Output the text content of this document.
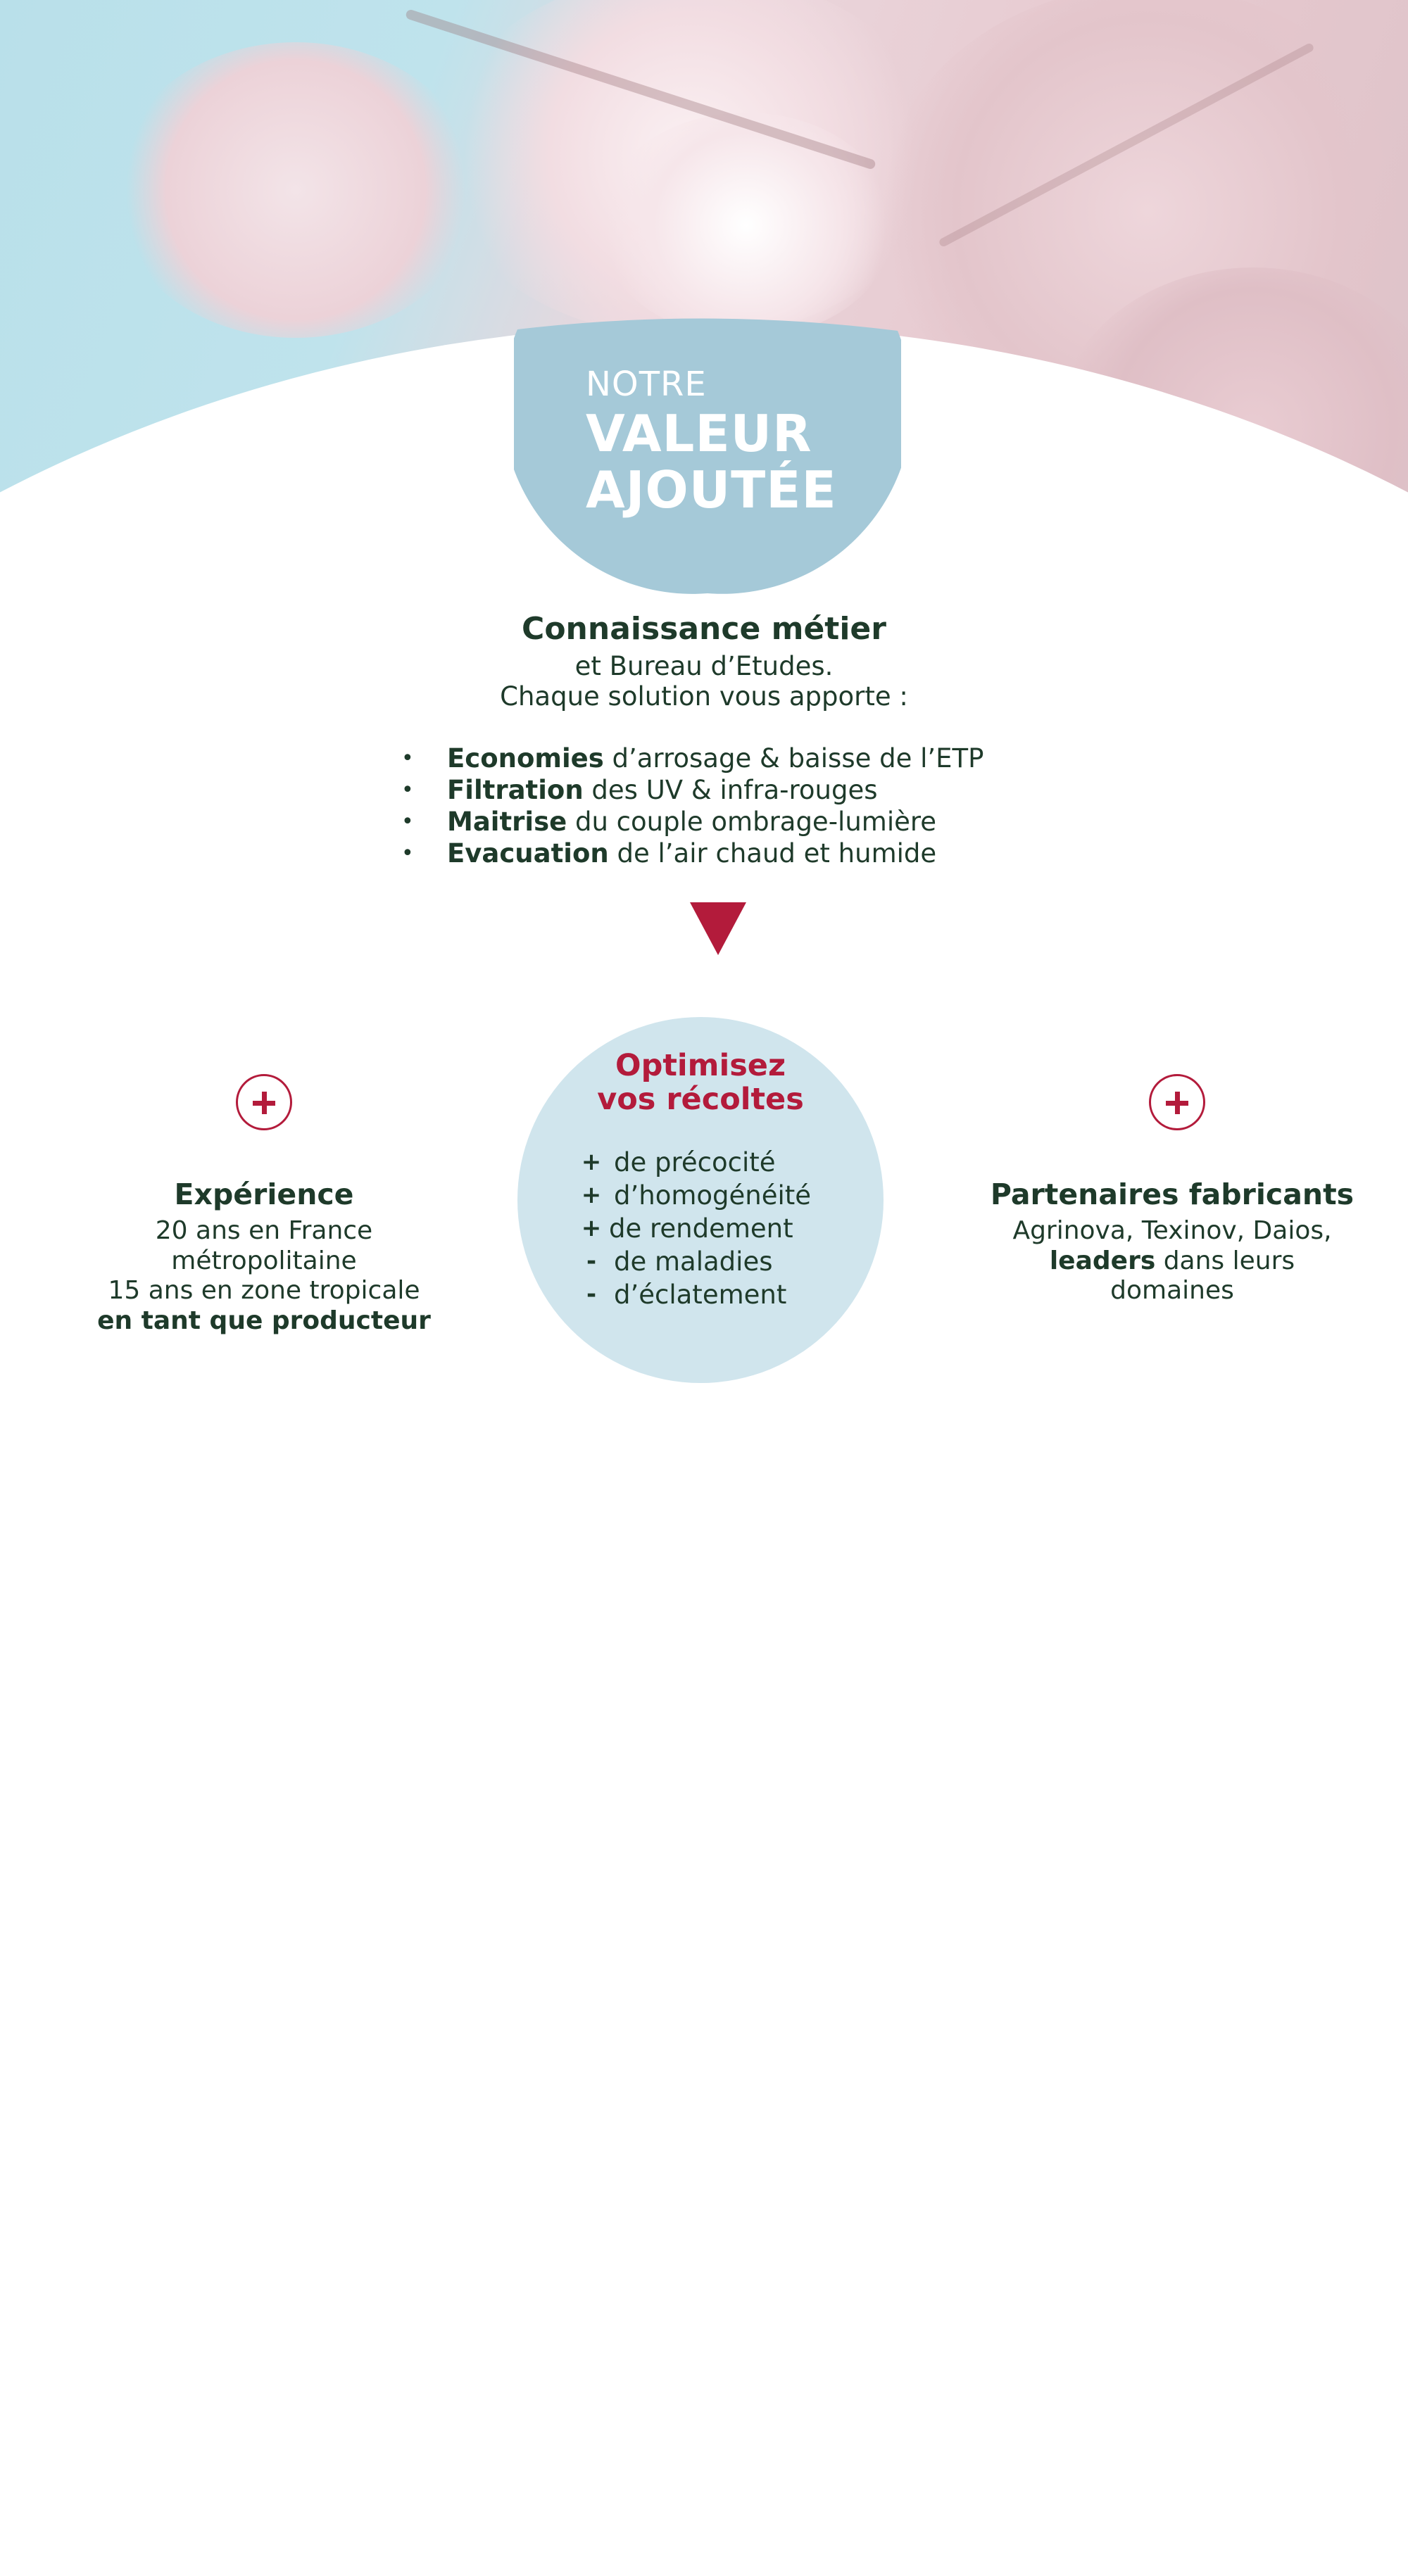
NOTRE
VALEUR
AJOUTÉE
Connaissance métier
et Bureau d’Etudes.
Chaque solution vous apporte :
• Economies d’arrosage & baisse de l’ETP
• Filtration des UV & infra-rouges
• Maitrise du couple ombrage-lumière
• Evacuation de l’air chaud et humide
Expérience
20 ans en France
métropolitaine
15 ans en zone tropicale
en tant que producteur
Optimisez
vos récoltes
+ de précocité
+ d’homogénéité
+ de rendement
- de maladies
- d’éclatement
Partenaires fabricants
Agrinova, Texinov, Daios,
leaders dans leurs
domaines
